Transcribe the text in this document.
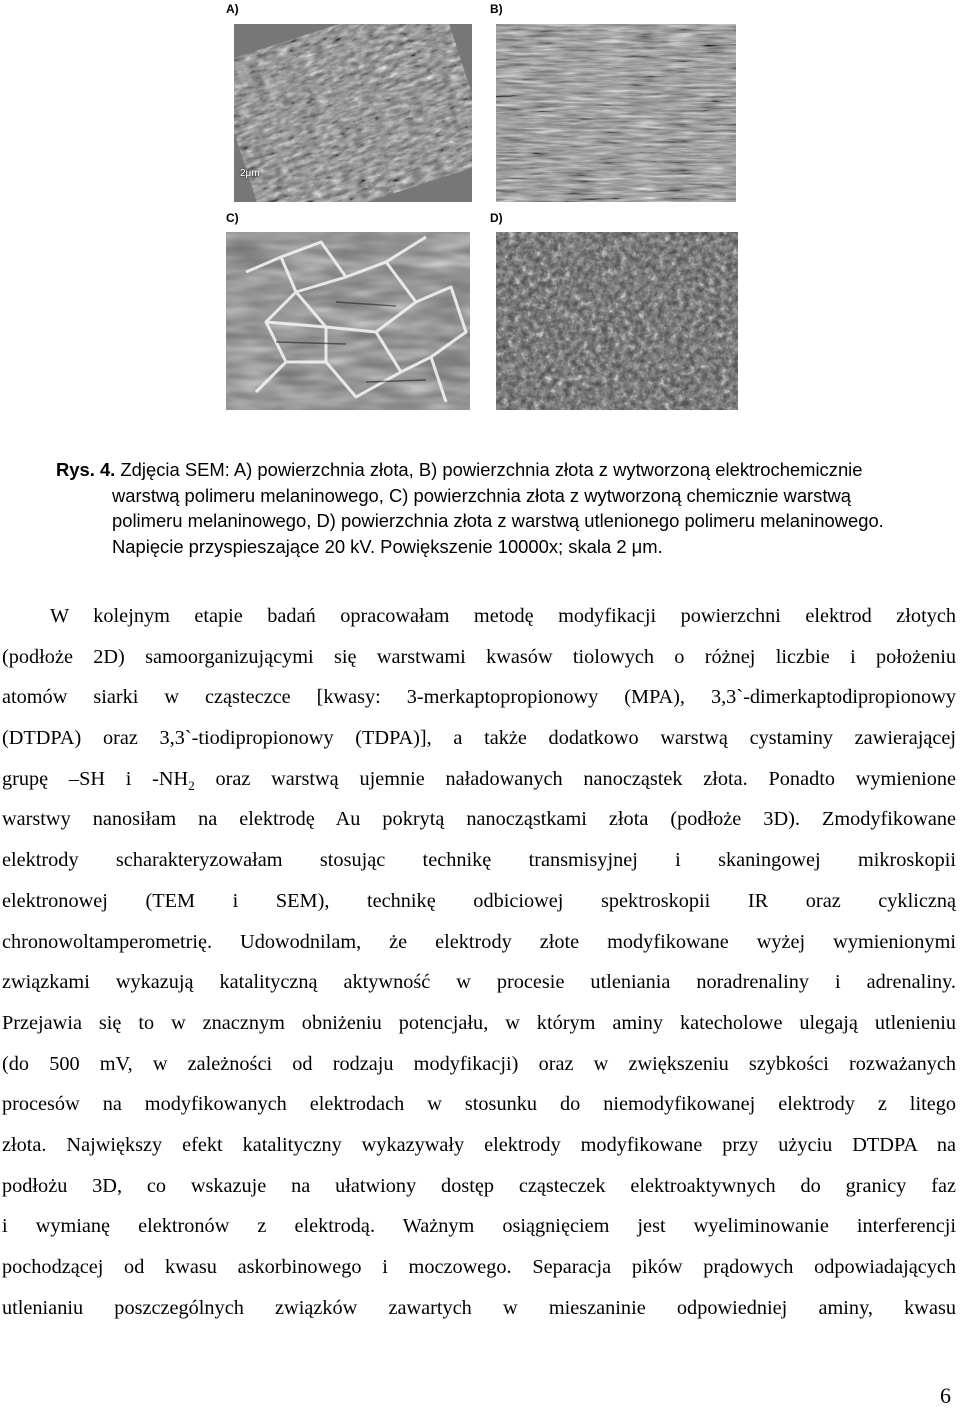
A)	B)
C)	D)
2μm
Rys. 4. Zdjęcia SEM: A) powierzchnia złota, B) powierzchnia złota z wytworzoną elektrochemicznie
warstwą polimeru melaninowego, C) powierzchnia złota z wytworzoną chemicznie warstwą
polimeru melaninowego, D) powierzchnia złota z warstwą utlenionego polimeru melaninowego.
Napięcie przyspieszające 20 kV. Powiększenie 10000x; skala 2 μm.
W kolejnym etapie badań opracowałam metodę modyfikacji powierzchni elektrod złotych
(podłoże 2D) samoorganizującymi się warstwami kwasów tiolowych o różnej liczbie i położeniu
atomów siarki w cząsteczce [kwasy: 3-merkaptopropionowy (MPA), 3,3`-dimerkaptodipropionowy
(DTDPA) oraz 3,3`-tiodipropionowy (TDPA)], a także dodatkowo warstwą cystaminy zawierającej
grupę –SH i $-NH_2$ oraz warstwą ujemnie naładowanych nanocząstek złota. Ponadto wymienione
warstwy nanosiłam na elektrodę Au pokrytą nanocząstkami złota (podłoże 3D). Zmodyfikowane
elektrody scharakteryzowałam stosując technikę transmisyjnej i skaningowej mikroskopii
elektronowej (TEM i SEM), technikę odbiciowej spektroskopii IR oraz cykliczną
chronowoltamperometrię. Udowodnilam, że elektrody złote modyfikowane wyżej wymienionymi
związkami wykazują katalityczną aktywność w procesie utleniania noradrenaliny i adrenaliny.
Przejawia się to w znacznym obniżeniu potencjału, w którym aminy katecholowe ulegają utlenieniu
(do 500 mV, w zależności od rodzaju modyfikacji) oraz w zwiększeniu szybkości rozważanych
procesów na modyfikowanych elektrodach w stosunku do niemodyfikowanej elektrody z litego
złota. Największy efekt katalityczny wykazywały elektrody modyfikowane przy użyciu DTDPA na
podłożu 3D, co wskazuje na ułatwiony dostęp cząsteczek elektroaktywnych do granicy faz
i wymianę elektronów z elektrodą. Ważnym osiągnięciem jest wyeliminowanie interferencji
pochodzącej od kwasu askorbinowego i moczowego. Separacja pików prądowych odpowiadających
utlenianiu poszczególnych związków zawartych w mieszaninie odpowiedniej aminy, kwasu
6
